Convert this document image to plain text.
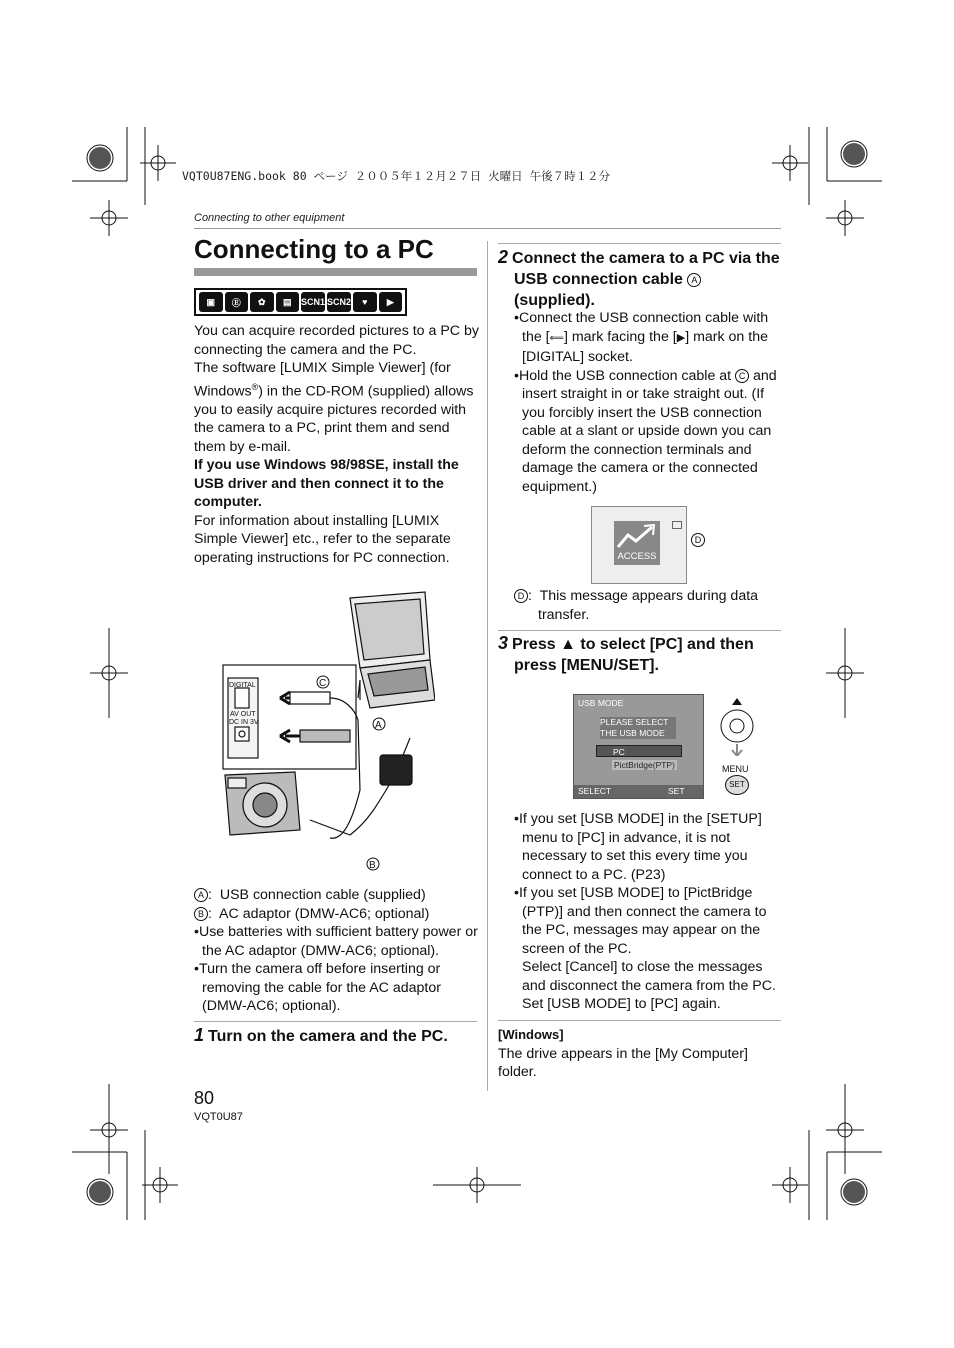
VQT0U87ENG.book 80 ページ ２００５年１２月２７日 火曜日 午後７時１２分
Connecting to other equipment
Connecting to a PC
▣	Ⓔ	✿	▤	SCN1 SCN2	♥	▶

You can acquire recorded pictures to a PC by connecting the camera and the PC.

The software [LUMIX Simple Viewer] (for Windows®) in the CD-ROM (supplied) allows you to easily acquire pictures recorded with the camera to a PC, print them and send them by e-mail.

If you use Windows 98/98SE, install the USB driver and then connect it to the computer.

For information about installing [LUMIX Simple Viewer] etc., refer to the separate operating instructions for PC connection.

DIGITAL
AV OUT
DC IN 3V
C
A
B

A :  USB connection cable (supplied)

B :  AC adaptor (DMW-AC6; optional)

•Use batteries with sufficient battery power or the AC adaptor (DMW-AC6; optional).

•Turn the camera off before inserting or removing the cable for the AC adaptor (DMW-AC6; optional).

1 Turn on the camera and the PC.

2 Connect the camera to a PC via the USB connection cable A
(supplied).

•Connect the USB connection cable with the [⟸] mark facing the [▶] mark on the [DIGITAL] socket.

•Hold the USB connection cable at C and insert straight in or take straight out. (If you forcibly insert the USB connection cable at a slant or upside down you can deform the connection terminals and damage the camera or the connected equipment.)

ACCESS
D

D :  This message appears during data transfer.

3 Press ▲ to select [PC] and then press [MENU/SET].

USB MODE
PLEASE SELECT
THE USB MODE
PC
PictBridge(PTP)
SELECT	SET
MENU
SET

•If you set [USB MODE] in the [SETUP] menu to [PC] in advance, it is not necessary to set this every time you connect to a PC. (P23)

•If you set [USB MODE] to [PictBridge (PTP)] and then connect the camera to the PC, messages may appear on the screen of the PC.

Select [Cancel] to close the messages and disconnect the camera from the PC. Set [USB MODE] to [PC] again.

[Windows]

The drive appears in the [My Computer] folder.

80
VQT0U87
